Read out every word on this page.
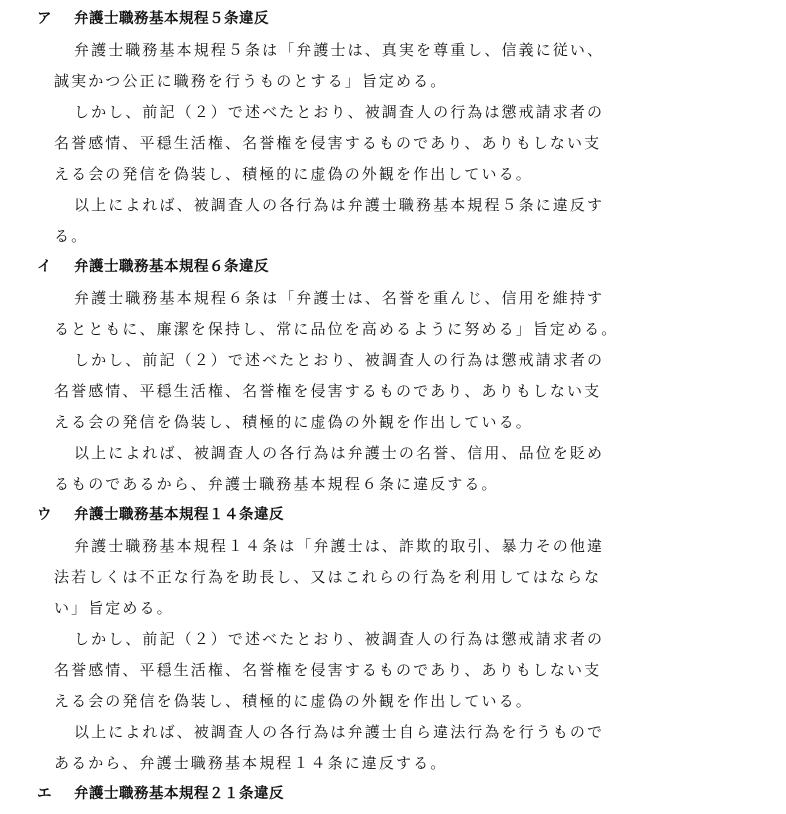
ア 弁護士職務基本規程５条違反
弁護士職務基本規程５条は「弁護士は、真実を尊重し、信義に従い、
誠実かつ公正に職務を行うものとする」旨定める。
しかし、前記（２）で述べたとおり、被調査人の行為は懲戒請求者の
名誉感情、平穏生活権、名誉権を侵害するものであり、ありもしない支
える会の発信を偽装し、積極的に虚偽の外観を作出している。
以上によれば、被調査人の各行為は弁護士職務基本規程５条に違反す
る。
イ 弁護士職務基本規程６条違反
弁護士職務基本規程６条は「弁護士は、名誉を重んじ、信用を維持す
るとともに、廉潔を保持し、常に品位を高めるように努める」旨定める。
しかし、前記（２）で述べたとおり、被調査人の行為は懲戒請求者の
名誉感情、平穏生活権、名誉権を侵害するものであり、ありもしない支
える会の発信を偽装し、積極的に虚偽の外観を作出している。
以上によれば、被調査人の各行為は弁護士の名誉、信用、品位を貶め
るものであるから、弁護士職務基本規程６条に違反する。
ウ 弁護士職務基本規程１４条違反
弁護士職務基本規程１４条は「弁護士は、詐欺的取引、暴力その他違
法若しくは不正な行為を助長し、又はこれらの行為を利用してはならな
い」旨定める。
しかし、前記（２）で述べたとおり、被調査人の行為は懲戒請求者の
名誉感情、平穏生活権、名誉権を侵害するものであり、ありもしない支
える会の発信を偽装し、積極的に虚偽の外観を作出している。
以上によれば、被調査人の各行為は弁護士自ら違法行為を行うもので
あるから、弁護士職務基本規程１４条に違反する。
エ 弁護士職務基本規程２１条違反
